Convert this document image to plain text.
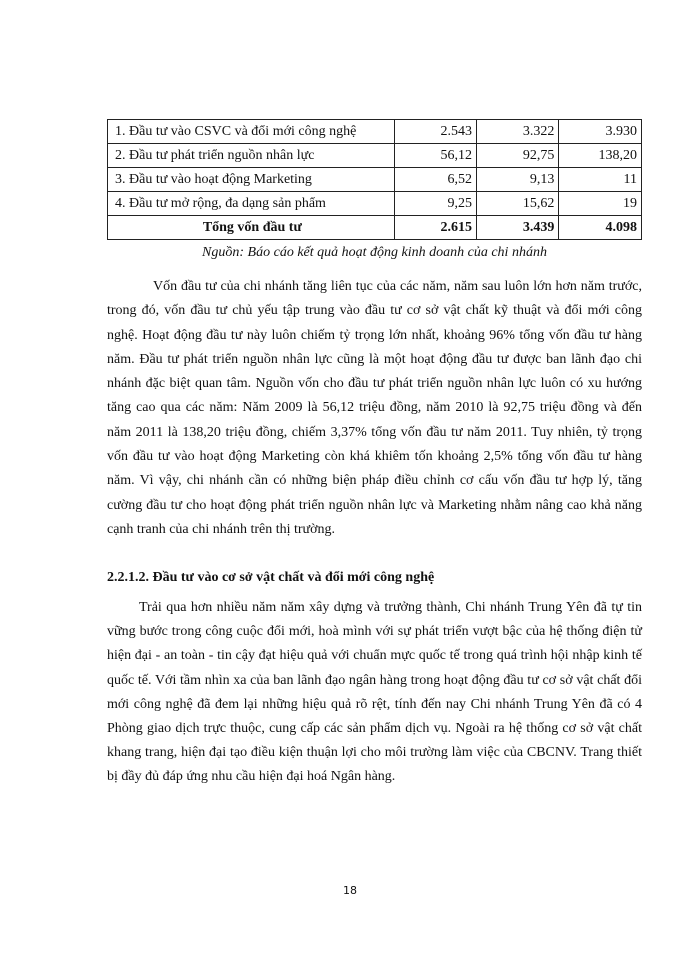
1. Đầu tư vào CSVC và đổi mới công nghệ	2.543	3.322	3.930
2. Đầu tư phát triển nguồn nhân lực	56,12	92,75	138,20
3. Đầu tư vào hoạt động Marketing	6,52	9,13	11
4. Đầu tư mở rộng, đa dạng sản phẩm	9,25	15,62	19
Tổng vốn đầu tư	2.615	3.439	4.098
Nguồn: Báo cáo kết quả hoạt động kinh doanh của chi nhánh

Vốn đầu tư của chi nhánh tăng liên tục của các năm, năm sau luôn lớn hơn năm trước, trong đó, vốn đầu tư chủ yếu tập trung vào đầu tư cơ sở vật chất kỹ thuật và đổi mới công nghệ. Hoạt động đầu tư này luôn chiếm tỷ trọng lớn nhất, khoảng 96% tổng vốn đầu tư hàng năm. Đầu tư phát triển nguồn nhân lực cũng là một hoạt động đầu tư được ban lãnh đạo chi nhánh đặc biệt quan tâm. Nguồn vốn cho đầu tư phát triển nguồn nhân lực luôn có xu hướng tăng cao qua các năm: Năm 2009 là 56,12 triệu đồng, năm 2010 là 92,75 triệu đồng và đến năm 2011 là 138,20 triệu đồng, chiếm 3,37% tổng vốn đầu tư năm 2011. Tuy nhiên, tỷ trọng vốn đầu tư vào hoạt động Marketing còn khá khiêm tốn khoảng 2,5% tổng vốn đầu tư hàng năm. Vì vậy, chi nhánh cần có những biện pháp điều chỉnh cơ cấu vốn đầu tư hợp lý, tăng cường đầu tư cho hoạt động phát triển nguồn nhân lực và Marketing nhằm nâng cao khả năng cạnh tranh của chi nhánh trên thị trường.

2.2.1.2. Đầu tư vào cơ sở vật chất và đổi mới công nghệ

Trải qua hơn nhiều năm năm xây dựng và trưởng thành, Chi nhánh Trung Yên đã tự tin vững bước trong công cuộc đổi mới, hoà mình với sự phát triển vượt bậc của hệ thống điện tử hiện đại - an toàn - tin cậy đạt hiệu quả với chuẩn mực quốc tế trong quá trình hội nhập kinh tế quốc tế. Với tầm nhìn xa của ban lãnh đạo ngân hàng trong hoạt động đầu tư cơ sở vật chất đổi mới công nghệ đã đem lại những hiệu quả rõ rệt, tính đến nay Chi nhánh Trung Yên đã có 4 Phòng giao dịch trực thuộc, cung cấp các sản phẩm dịch vụ. Ngoài ra hệ thống cơ sở vật chất khang trang, hiện đại tạo điều kiện thuận lợi cho môi trường làm việc của CBCNV. Trang thiết bị đầy đủ đáp ứng nhu cầu hiện đại hoá Ngân hàng.

18
